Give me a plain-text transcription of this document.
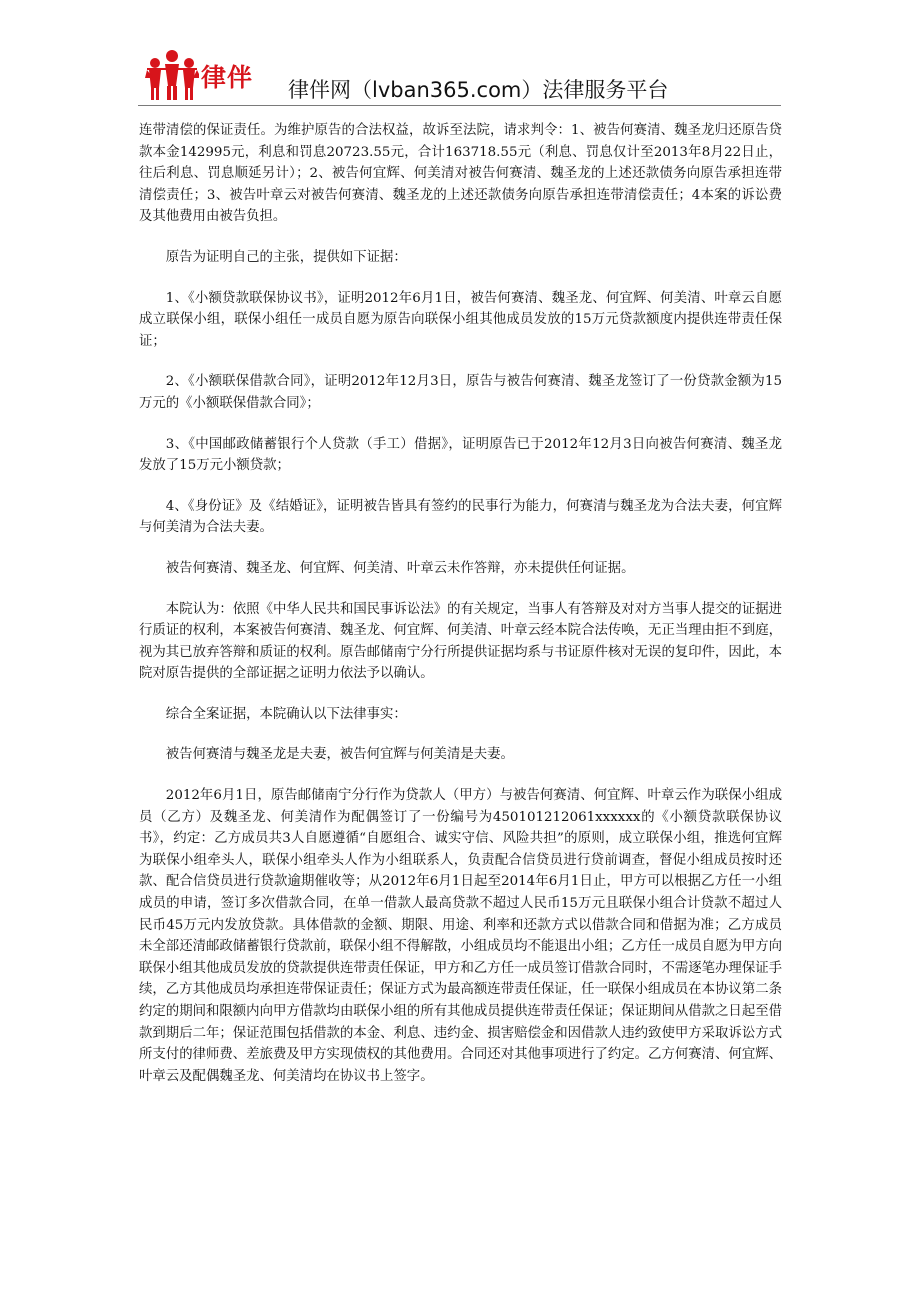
律伴 律伴网（lvban365.com）法律服务平台

连带清偿的保证责任。为维护原告的合法权益，故诉至法院，请求判令：1、被告何赛清、魏圣龙归还原告贷款本金142995元，利息和罚息20723.55元，合计163718.55元（利息、罚息仅计至2013年8月22日止，往后利息、罚息顺延另计）；2、被告何宜辉、何美清对被告何赛清、魏圣龙的上述还款债务向原告承担连带清偿责任；3、被告叶章云对被告何赛清、魏圣龙的上述还款债务向原告承担连带清偿责任；4本案的诉讼费及其他费用由被告负担。

原告为证明自己的主张，提供如下证据：

1、《小额贷款联保协议书》，证明2012年6月1日，被告何赛清、魏圣龙、何宜辉、何美清、叶章云自愿成立联保小组，联保小组任一成员自愿为原告向联保小组其他成员发放的15万元贷款额度内提供连带责任保证；

2、《小额联保借款合同》，证明2012年12月3日，原告与被告何赛清、魏圣龙签订了一份贷款金额为15万元的《小额联保借款合同》；

3、《中国邮政储蓄银行个人贷款（手工）借据》，证明原告已于2012年12月3日向被告何赛清、魏圣龙发放了15万元小额贷款；

4、《身份证》及《结婚证》，证明被告皆具有签约的民事行为能力，何赛清与魏圣龙为合法夫妻，何宜辉与何美清为合法夫妻。

被告何赛清、魏圣龙、何宜辉、何美清、叶章云未作答辩，亦未提供任何证据。

本院认为：依照《中华人民共和国民事诉讼法》的有关规定，当事人有答辩及对对方当事人提交的证据进行质证的权利，本案被告何赛清、魏圣龙、何宜辉、何美清、叶章云经本院合法传唤，无正当理由拒不到庭，视为其已放弃答辩和质证的权利。原告邮储南宁分行所提供证据均系与书证原件核对无误的复印件，因此，本院对原告提供的全部证据之证明力依法予以确认。

综合全案证据，本院确认以下法律事实：

被告何赛清与魏圣龙是夫妻，被告何宜辉与何美清是夫妻。

2012年6月1日，原告邮储南宁分行作为贷款人（甲方）与被告何赛清、何宜辉、叶章云作为联保小组成员（乙方）及魏圣龙、何美清作为配偶签订了一份编号为450101212061xxxxxx的《小额贷款联保协议书》，约定：乙方成员共3人自愿遵循“自愿组合、诚实守信、风险共担”的原则，成立联保小组，推选何宜辉为联保小组牵头人，联保小组牵头人作为小组联系人，负责配合信贷员进行贷前调查，督促小组成员按时还款、配合信贷员进行贷款逾期催收等；从2012年6月1日起至2014年6月1日止，甲方可以根据乙方任一小组成员的申请，签订多次借款合同，在单一借款人最高贷款不超过人民币15万元且联保小组合计贷款不超过人民币45万元内发放贷款。具体借款的金额、期限、用途、利率和还款方式以借款合同和借据为准；乙方成员未全部还清邮政储蓄银行贷款前，联保小组不得解散，小组成员均不能退出小组；乙方任一成员自愿为甲方向联保小组其他成员发放的贷款提供连带责任保证，甲方和乙方任一成员签订借款合同时，不需逐笔办理保证手续，乙方其他成员均承担连带保证责任；保证方式为最高额连带责任保证，任一联保小组成员在本协议第二条约定的期间和限额内向甲方借款均由联保小组的所有其他成员提供连带责任保证；保证期间从借款之日起至借款到期后二年；保证范围包括借款的本金、利息、违约金、损害赔偿金和因借款人违约致使甲方采取诉讼方式所支付的律师费、差旅费及甲方实现债权的其他费用。合同还对其他事项进行了约定。乙方何赛清、何宜辉、叶章云及配偶魏圣龙、何美清均在协议书上签字。
